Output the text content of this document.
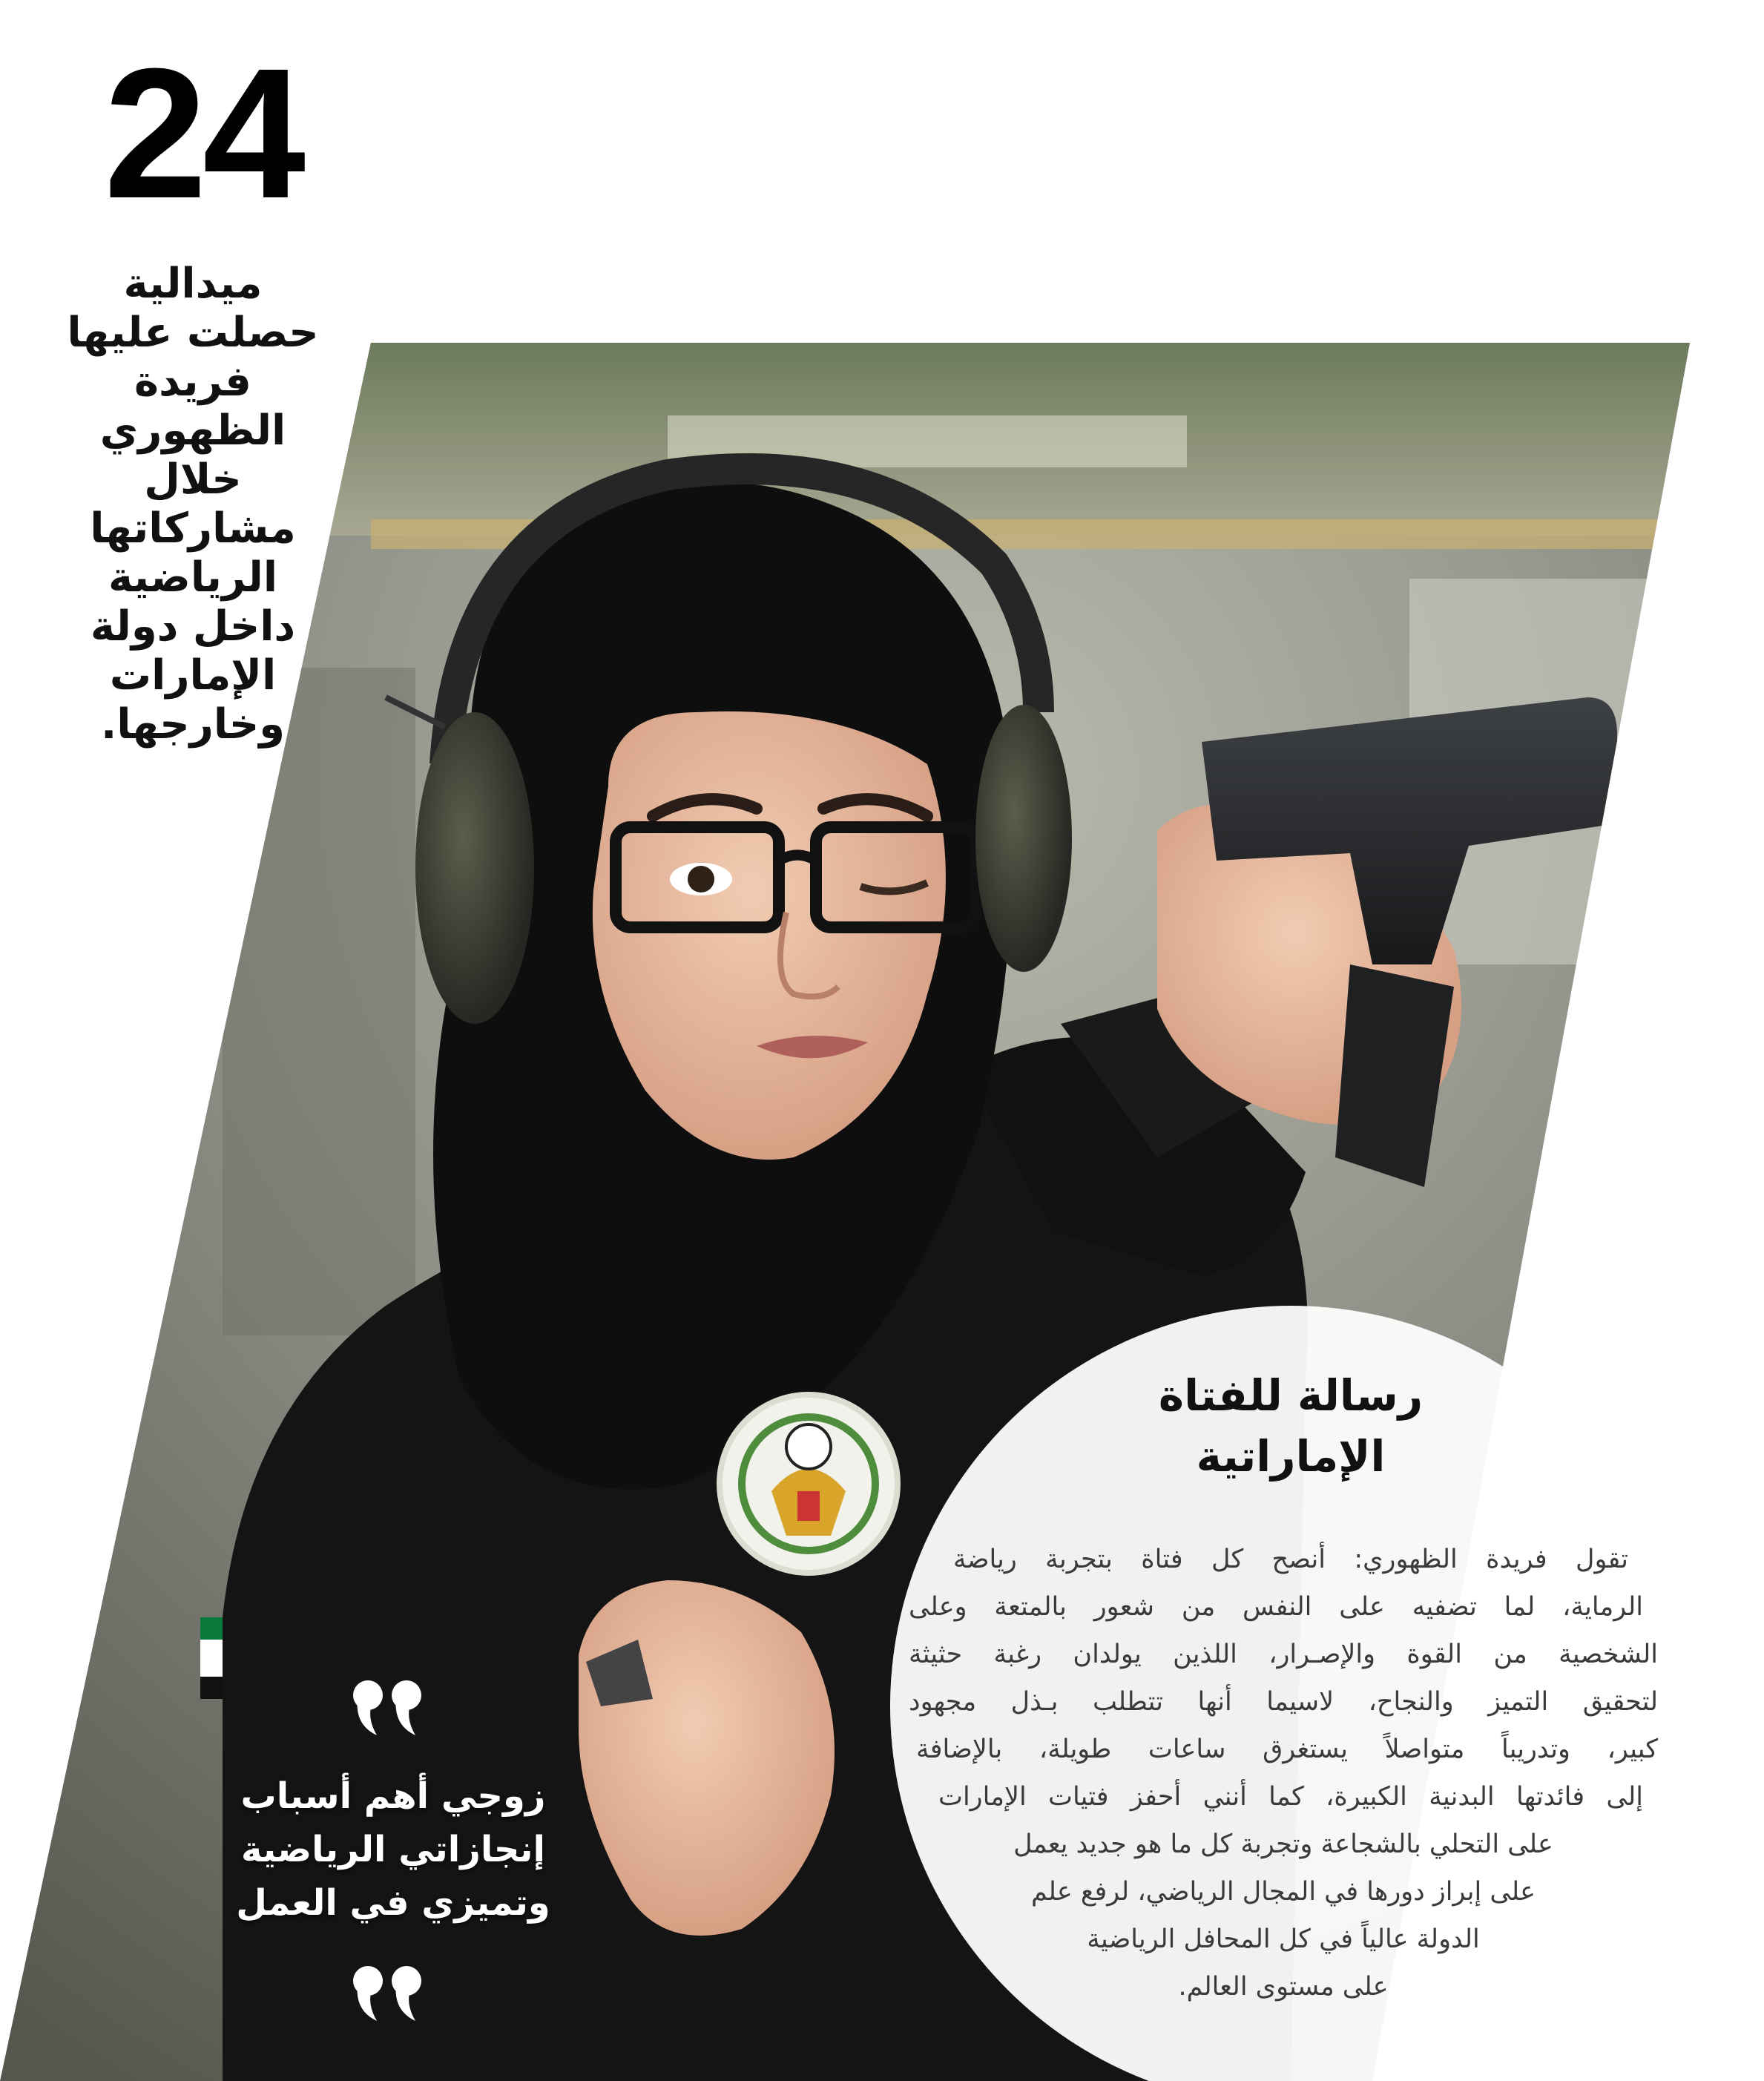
24
ميدالية حصلت عليها فريدة الظهوري خلال مشاركاتها الرياضية داخل دولة الإمارات وخارجها.
رسالة للفتاة الإماراتية
تقول فريدة الظهوري: أنصح كل فتاة بتجربة رياضة
الرماية، لما تضفيه على النفس من شعور بالمتعة وعلى
الشخصية من القوة والإصـرار، اللذين يولدان رغبة حثيثة
لتحقيق التميز والنجاح، لاسيما أنها تتطلب بـذل مجهود
كبير، وتدريباً متواصلاً يستغرق ساعات طويلة، بالإضافة
إلى فائدتها البدنية الكبيرة، كما أنني أحفز فتيات الإمارات
على التحلي بالشجاعة وتجربة كل ما هو جديد يعمل
على إبراز دورها في المجال الرياضي، لرفع علم
الدولة عالياً في كل المحافل الرياضية
على مستوى العالم.
زوجي أهم أسباب إنجازاتي الرياضية وتميزي في العمل
